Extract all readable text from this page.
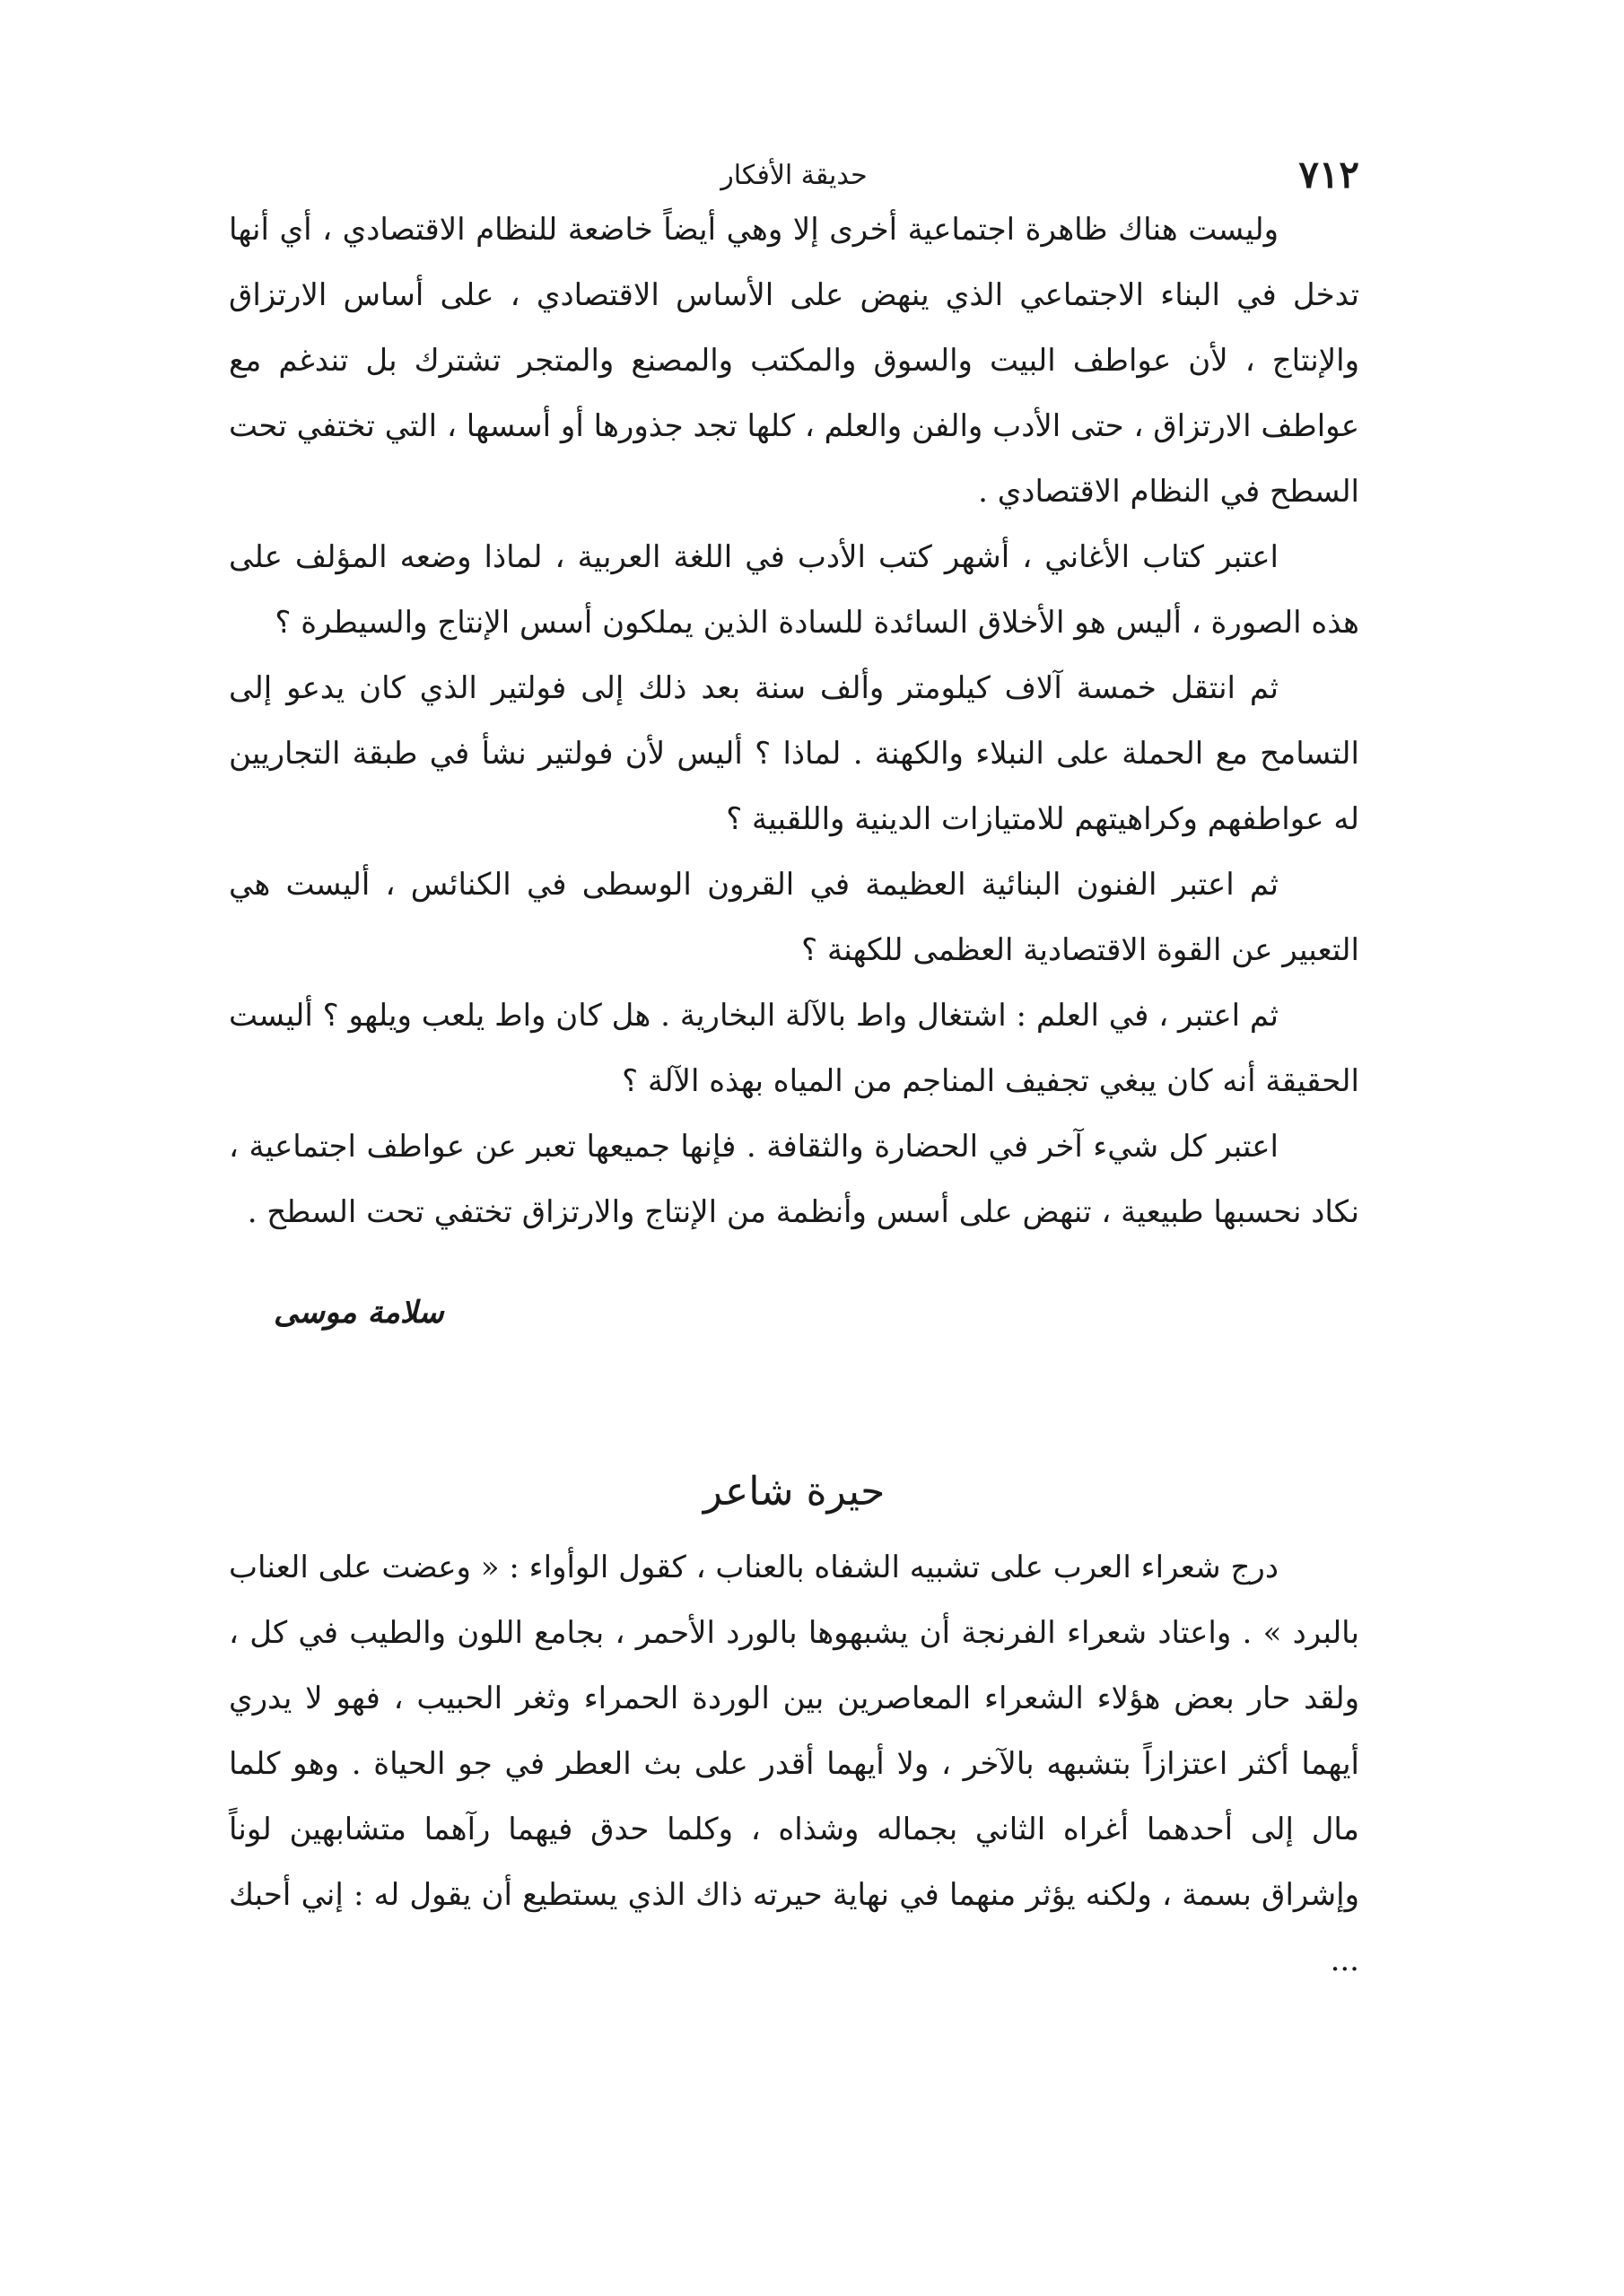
٧١٢
حديقة الأفكار

وليست هناك ظاهرة اجتماعية أخرى إلا وهي أيضاً خاضعة للنظام الاقتصادي ، أي أنها تدخل في البناء الاجتماعي الذي ينهض على الأساس الاقتصادي ، على أساس الارتزاق والإنتاج ، لأن عواطف البيت والسوق والمكتب والمصنع والمتجر تشترك بل تندغم مع عواطف الارتزاق ، حتى الأدب والفن والعلم ، كلها تجد جذورها أو أسسها ، التي تختفي تحت السطح في النظام الاقتصادي .

اعتبر كتاب الأغاني ، أشهر كتب الأدب في اللغة العربية ، لماذا وضعه المؤلف على هذه الصورة ، أليس هو الأخلاق السائدة للسادة الذين يملكون أسس الإنتاج والسيطرة ؟

ثم انتقل خمسة آلاف كيلومتر وألف سنة بعد ذلك إلى فولتير الذي كان يدعو إلى التسامح مع الحملة على النبلاء والكهنة . لماذا ؟ أليس لأن فولتير نشأ في طبقة التجاريين له عواطفهم وكراهيتهم للامتيازات الدينية واللقبية ؟

ثم اعتبر الفنون البنائية العظيمة في القرون الوسطى في الكنائس ، أليست هي التعبير عن القوة الاقتصادية العظمى للكهنة ؟

ثم اعتبر ، في العلم : اشتغال واط بالآلة البخارية . هل كان واط يلعب ويلهو ؟ أليست الحقيقة أنه كان يبغي تجفيف المناجم من المياه بهذه الآلة ؟

اعتبر كل شيء آخر في الحضارة والثقافة . فإنها جميعها تعبر عن عواطف اجتماعية ، نكاد نحسبها طبيعية ، تنهض على أسس وأنظمة من الإنتاج والارتزاق تختفي تحت السطح .

سلامة موسى
حيرة شاعر

درج شعراء العرب على تشبيه الشفاه بالعناب ، كقول الوأواء : « وعضت على العناب بالبرد » . واعتاد شعراء الفرنجة أن يشبهوها بالورد الأحمر ، بجامع اللون والطيب في كل ، ولقد حار بعض هؤلاء الشعراء المعاصرين بين الوردة الحمراء وثغر الحبيب ، فهو لا يدري أيهما أكثر اعتزازاً بتشبهه بالآخر ، ولا أيهما أقدر على بث العطر في جو الحياة . وهو كلما مال إلى أحدهما أغراه الثاني بجماله وشذاه ، وكلما حدق فيهما رآهما متشابهين لوناً وإشراق بسمة ، ولكنه يؤثر منهما في نهاية حيرته ذاك الذي يستطيع أن يقول له : إني أحبك ...
